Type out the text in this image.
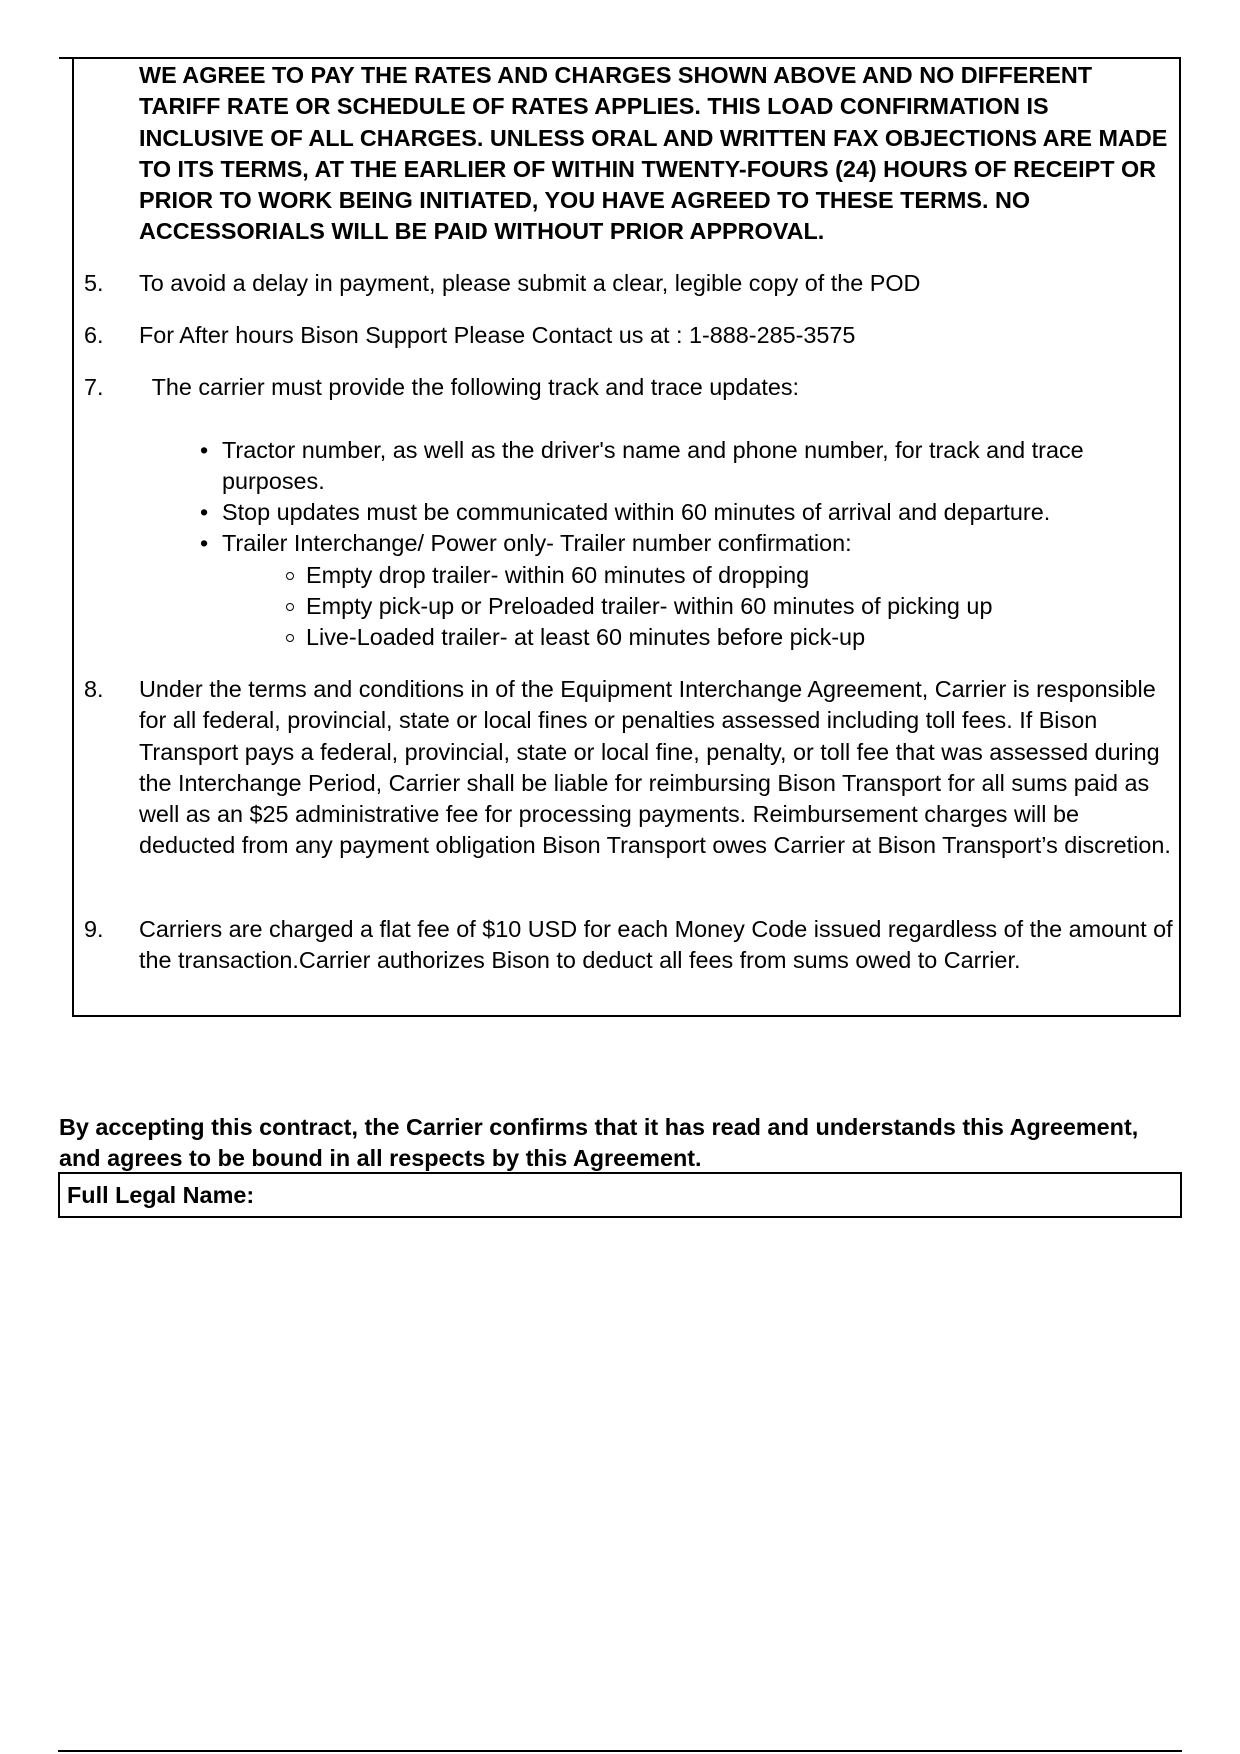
WE AGREE TO PAY THE RATES AND CHARGES SHOWN ABOVE AND NO DIFFERENT TARIFF RATE OR SCHEDULE OF RATES APPLIES. THIS LOAD CONFIRMATION IS INCLUSIVE OF ALL CHARGES. UNLESS ORAL AND WRITTEN FAX OBJECTIONS ARE MADE TO ITS TERMS, AT THE EARLIER OF WITHIN TWENTY-FOURS (24) HOURS OF RECEIPT OR PRIOR TO WORK BEING INITIATED, YOU HAVE AGREED TO THESE TERMS. NO ACCESSORIALS WILL BE PAID WITHOUT PRIOR APPROVAL.

5. To avoid a delay in payment, please submit a clear, legible copy of the POD

6. For After hours Bison Support Please Contact us at : 1-888-285-3575

7. The carrier must provide the following track and trace updates:

• Tractor number, as well as the driver's name and phone number, for track and trace purposes.
• Stop updates must be communicated within 60 minutes of arrival and departure.
• Trailer Interchange/ Power only- Trailer number confirmation:
Empty drop trailer- within 60 minutes of dropping
Empty pick-up or Preloaded trailer- within 60 minutes of picking up
Live-Loaded trailer- at least 60 minutes before pick-up
8. Under the terms and conditions in of the Equipment Interchange Agreement, Carrier is responsible for all federal, provincial, state or local fines or penalties assessed including toll fees. If Bison Transport pays a federal, provincial, state or local fine, penalty, or toll fee that was assessed during the Interchange Period, Carrier shall be liable for reimbursing Bison Transport for all sums paid as well as an $25 administrative fee for processing payments. Reimbursement charges will be deducted from any payment obligation Bison Transport owes Carrier at Bison Transport’s discretion.

9. Carriers are charged a flat fee of $10 USD for each Money Code issued regardless of the amount of the transaction.Carrier authorizes Bison to deduct all fees from sums owed to Carrier.

By accepting this contract, the Carrier confirms that it has read and understands this Agreement, and agrees to be bound in all respects by this Agreement.

Full Legal Name:
